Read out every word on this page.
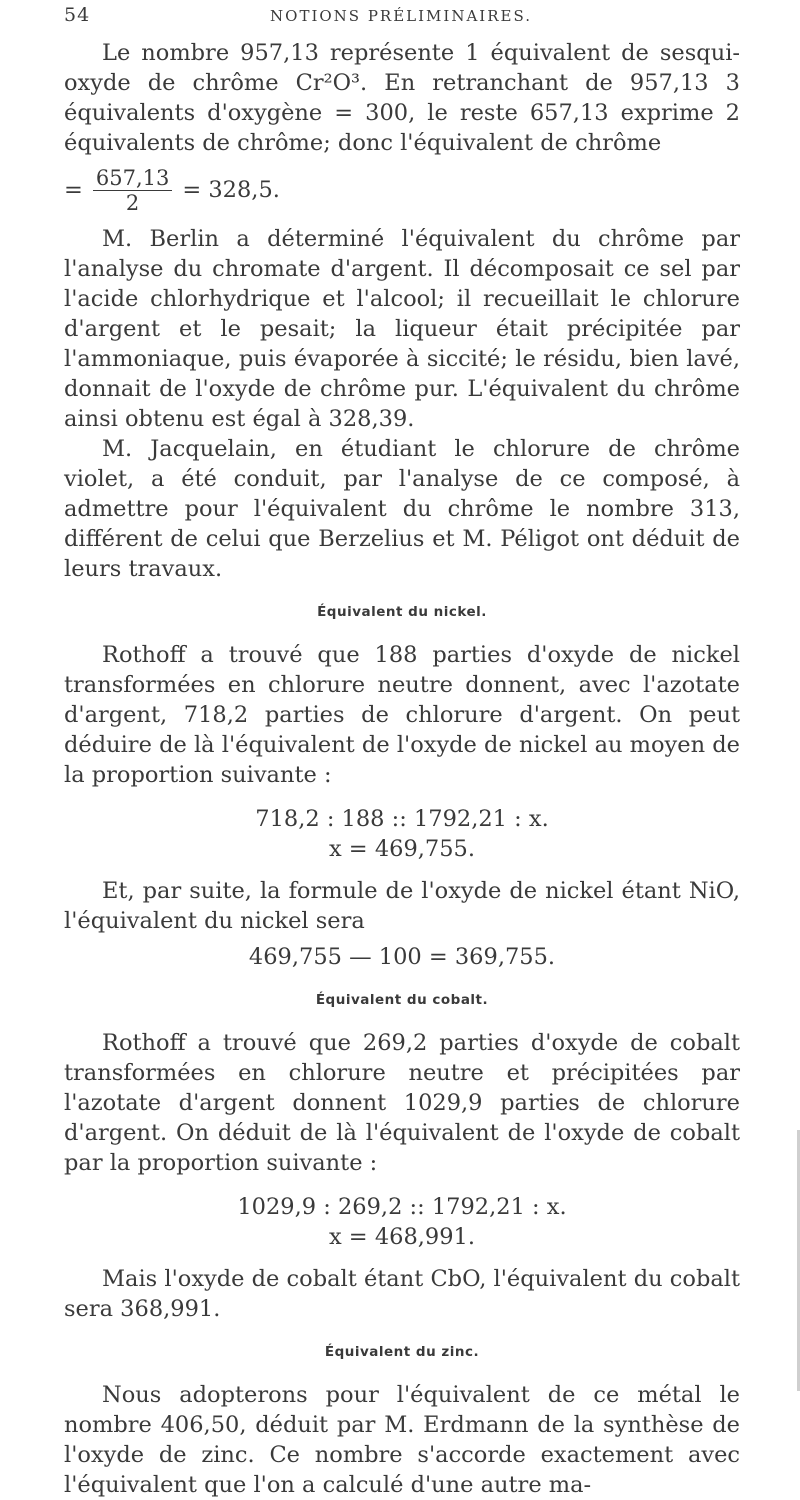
54	NOTIONS PRÉLIMINAIRES.

Le nombre 957,13 représente 1 équivalent de sesqui-oxyde de chrôme Cr²O³. En retranchant de 957,13 3 équivalents d'oxygène = 300, le reste 657,13 exprime 2 équivalents de chrôme; donc l'équivalent de chrôme

= $\frac{657,13}{2} = 328,5$.

M. Berlin a déterminé l'équivalent du chrôme par l'analyse du chromate d'argent. Il décomposait ce sel par l'acide chlorhydrique et l'alcool; il recueillait le chlorure d'argent et le pesait; la liqueur était précipitée par l'ammoniaque, puis évaporée à siccité; le résidu, bien lavé, donnait de l'oxyde de chrôme pur. L'équivalent du chrôme ainsi obtenu est égal à 328,39.

M. Jacquelain, en étudiant le chlorure de chrôme violet, a été conduit, par l'analyse de ce composé, à admettre pour l'équivalent du chrôme le nombre 313, différent de celui que Berzelius et M. Péligot ont déduit de leurs travaux.

Équivalent du nickel.

Rothoff a trouvé que 188 parties d'oxyde de nickel transformées en chlorure neutre donnent, avec l'azotate d'argent, 718,2 parties de chlorure d'argent. On peut déduire de là l'équivalent de l'oxyde de nickel au moyen de la proportion suivante :

718,2 : 188 :: 1792,21 : x.

x = 469,755.

Et, par suite, la formule de l'oxyde de nickel étant NiO, l'équivalent du nickel sera

469,755 — 100 = 369,755.

Équivalent du cobalt.

Rothoff a trouvé que 269,2 parties d'oxyde de cobalt transformées en chlorure neutre et précipitées par l'azotate d'argent donnent 1029,9 parties de chlorure d'argent. On déduit de là l'équivalent de l'oxyde de cobalt par la proportion suivante :

1029,9 : 269,2 :: 1792,21 : x.

x = 468,991.

Mais l'oxyde de cobalt étant CbO, l'équivalent du cobalt sera 368,991.

Équivalent du zinc.

Nous adopterons pour l'équivalent de ce métal le nombre 406,50, déduit par M. Erdmann de la synthèse de l'oxyde de zinc. Ce nombre s'accorde exactement avec l'équivalent que l'on a calculé d'une autre ma-
